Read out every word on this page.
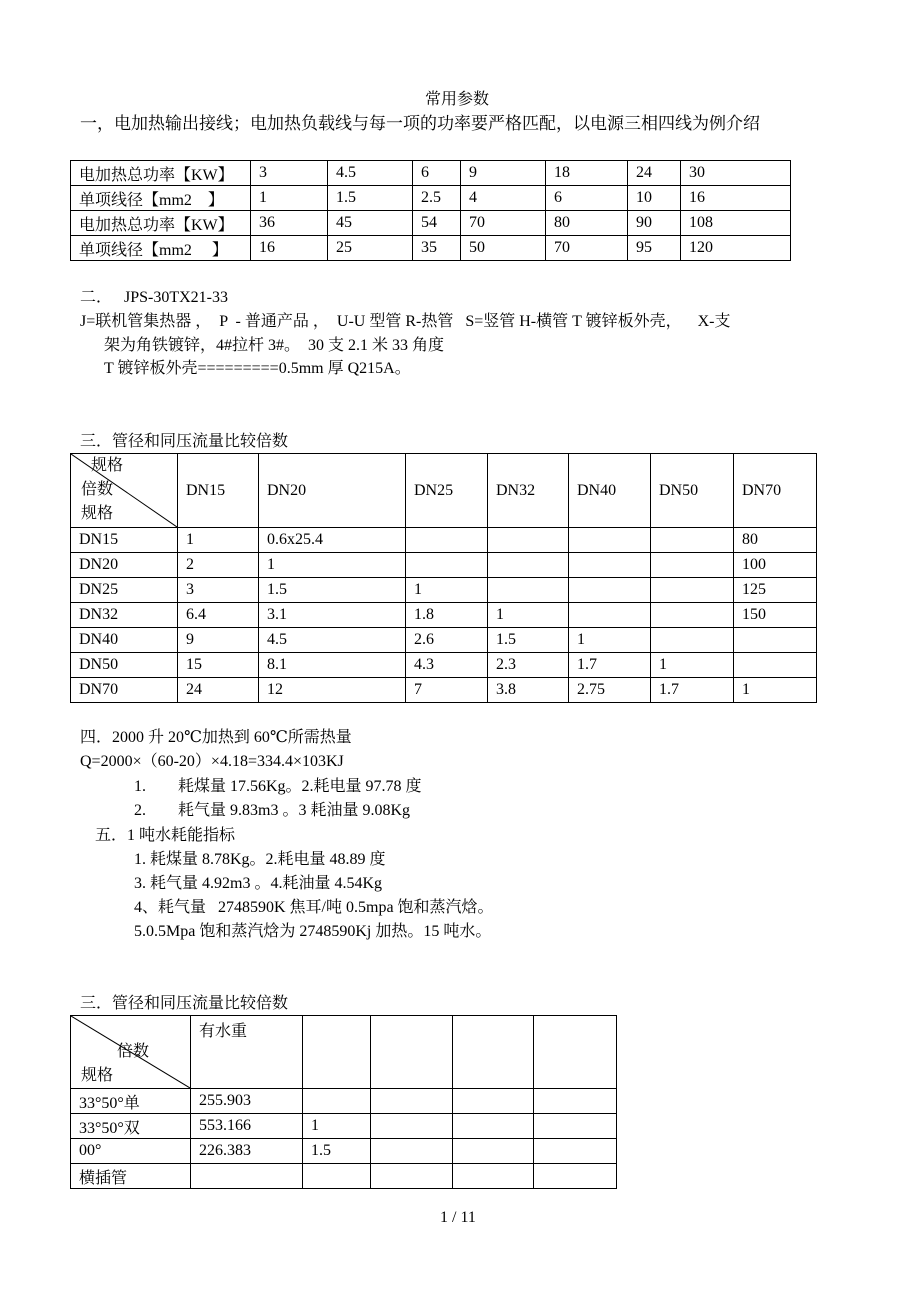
常用参数
一，电加热输出接线；电加热负载线与每一项的功率要严格匹配，以电源三相四线为例介绍
电加热总功率【KW】	3	4.5	6	9	18	24	30
单项线径【mm2　】	1	1.5	2.5	4	6	10	16
电加热总功率【KW】	36	45	54	70	80	90	108
单项线径【mm2　 】	16	25	35	50	70	95	120
二．　 JPS-30TX21-33
J=联机管集热器 ，  P  - 普通产品 ，  U-U 型管 R-热管   S=竖管 H-横管 T 镀锌板外壳，    X-支
架为角铁镀锌，4#拉杆 3#。  30 支 2.1 米 33 角度
T 镀锌板外壳=========0.5mm 厚 Q215A。
三．管径和同压流量比较倍数
规格
倍数
规格	DN15	DN20	DN25	DN32	DN40	DN50	DN70
DN15	1	0.6x25.4					80
DN20	2	1					100
DN25	3	1.5	1				125
DN32	6.4	3.1	1.8	1			150
DN40	9	4.5	2.6	1.5	1		
DN50	15	8.1	4.3	2.3	1.7	1	
DN70	24	12	7	3.8	2.75	1.7	1
四．2000 升 20℃加热到 60℃所需热量
Q=2000×（60-20）×4.18=334.4×103KJ
1.　　耗煤量 17.56Kg。2.耗电量 97.78 度
2.　　耗气量 9.83m3 。3 耗油量 9.08Kg
五．1 吨水耗能指标
1. 耗煤量 8.78Kg。2.耗电量 48.89 度
3. 耗气量 4.92m3 。4.耗油量 4.54Kg
4、耗气量   2748590K 焦耳/吨 0.5mpa 饱和蒸汽焓。
5.0.5Mpa 饱和蒸汽焓为 2748590Kj 加热。15 吨水。
三．管径和同压流量比较倍数
倍数
规格	有水重				
33°50°单	255.903				
33°50°双	553.166	1			
00°	226.383	1.5			
横插管					
1 / 11
